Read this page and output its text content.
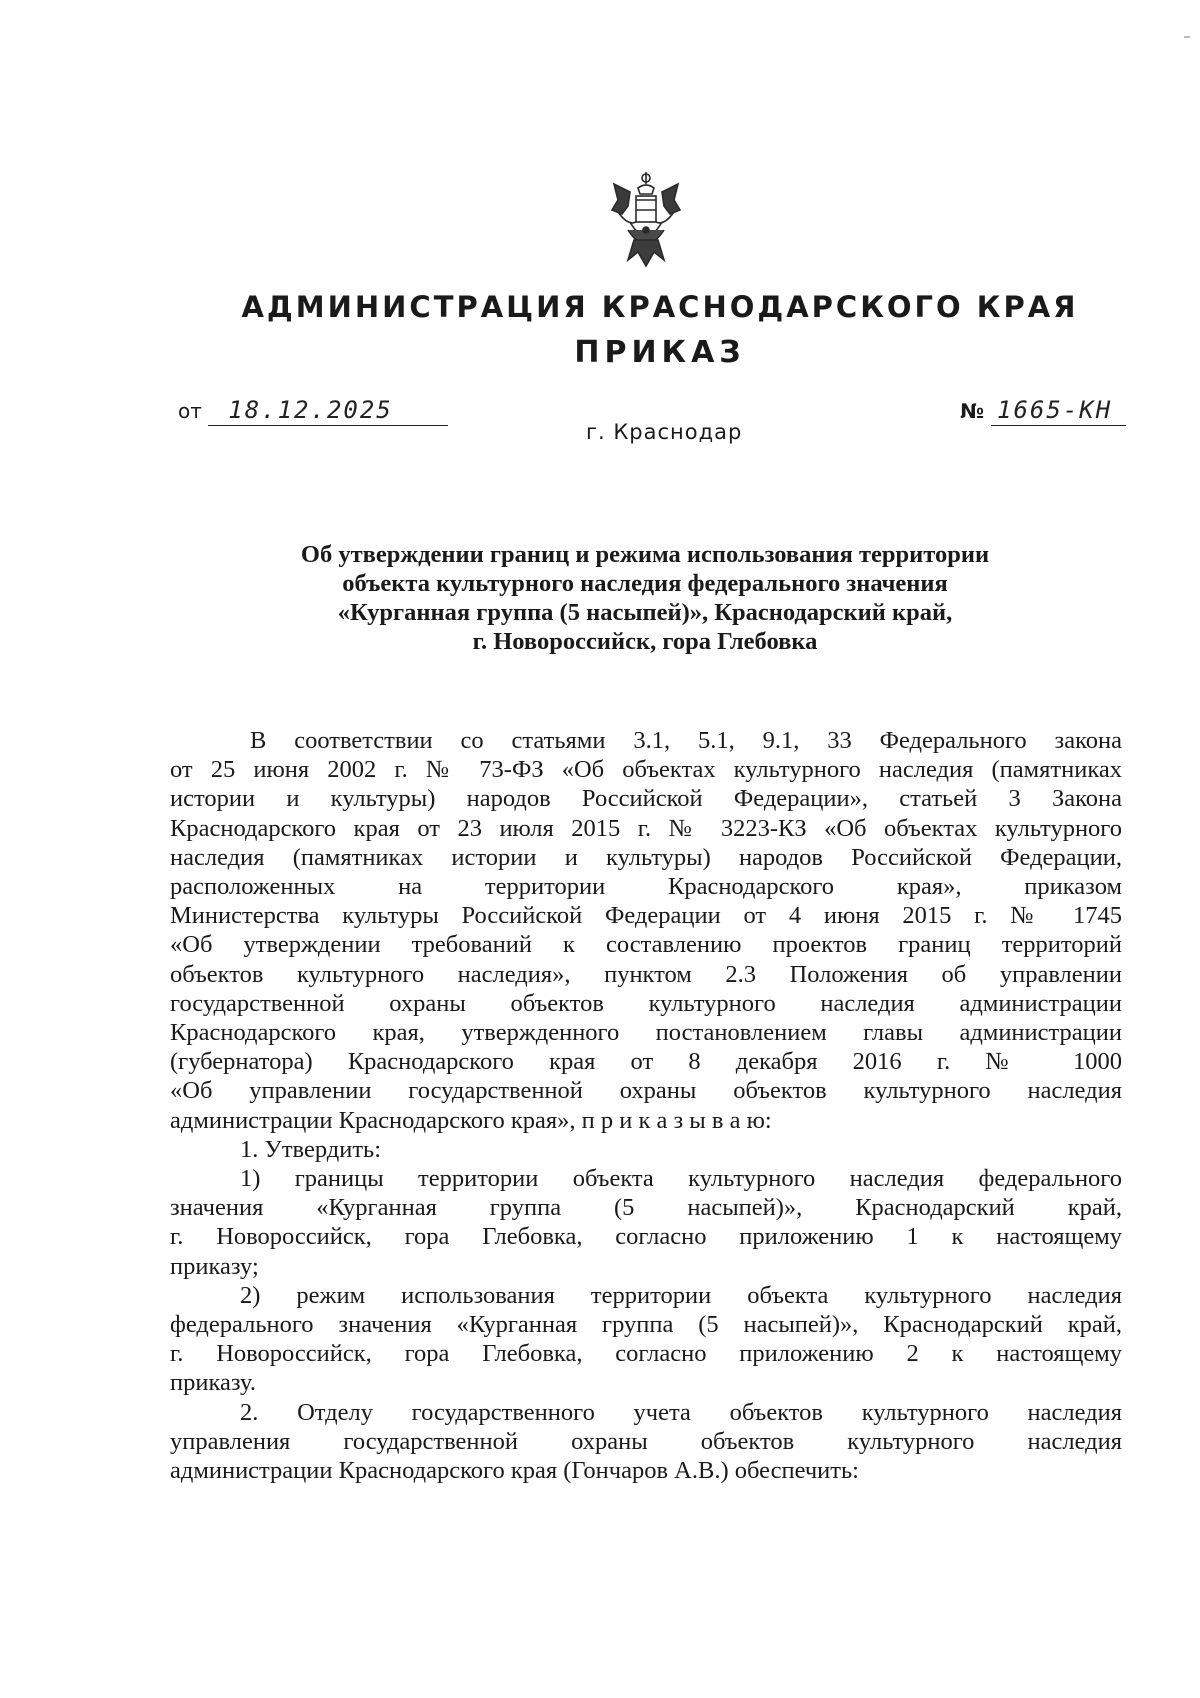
АДМИНИСТРАЦИЯ КРАСНОДАРСКОГО КРАЯ
ПРИКАЗ
от 18.12.2025	№ 1665-КН
г. Краснодар
Об утверждении границ и режима использования территории
объекта культурного наследия федерального значения
«Курганная группа (5 насыпей)», Краснодарский край,
г. Новороссийск, гора Глебовка
В соответствии со статьями 3.1, 5.1, 9.1, 33 Федерального закона
от 25 июня 2002 г. № 73-ФЗ «Об объектах культурного наследия (памятниках
истории и культуры) народов Российской Федерации», статьей 3 Закона
Краснодарского края от 23 июля 2015 г. № 3223-КЗ «Об объектах культурного
наследия (памятниках истории и культуры) народов Российской Федерации,
расположенных на территории Краснодарского края», приказом
Министерства культуры Российской Федерации от 4 июня 2015 г. № 1745
«Об утверждении требований к составлению проектов границ территорий
объектов культурного наследия», пунктом 2.3 Положения об управлении
государственной охраны объектов культурного наследия администрации
Краснодарского края, утвержденного постановлением главы администрации
(губернатора) Краснодарского края от 8 декабря 2016 г. № 1000
«Об управлении государственной охраны объектов культурного наследия
администрации Краснодарского края», п р и к а з ы в а ю:
1. Утвердить:
1) границы территории объекта культурного наследия федерального
значения «Курганная группа (5 насыпей)», Краснодарский край,
г. Новороссийск, гора Глебовка, согласно приложению 1 к настоящему
приказу;
2) режим использования территории объекта культурного наследия
федерального значения «Курганная группа (5 насыпей)», Краснодарский край,
г. Новороссийск, гора Глебовка, согласно приложению 2 к настоящему
приказу.
2. Отделу государственного учета объектов культурного наследия
управления государственной охраны объектов культурного наследия
администрации Краснодарского края (Гончаров А.В.) обеспечить:
